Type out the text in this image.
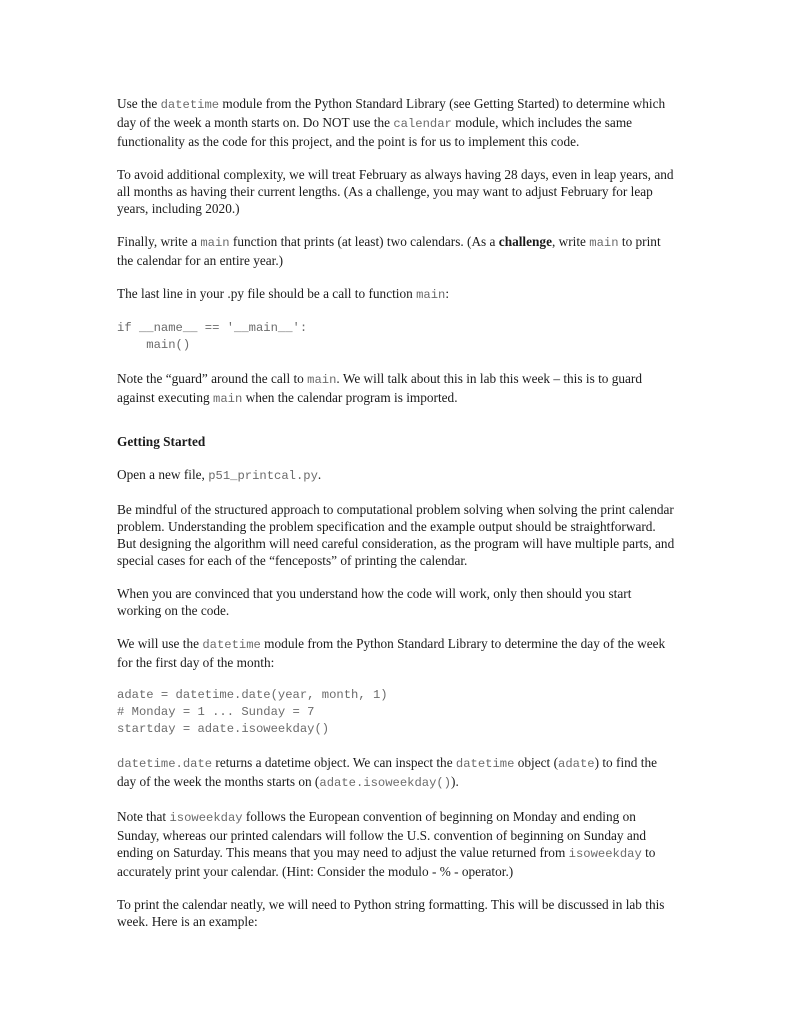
Use the datetime module from the Python Standard Library (see Getting Started) to determine which day of the week a month starts on. Do NOT use the calendar module, which includes the same functionality as the code for this project, and the point is for us to implement this code.

To avoid additional complexity, we will treat February as always having 28 days, even in leap years, and all months as having their current lengths. (As a challenge, you may want to adjust February for leap years, including 2020.)

Finally, write a main function that prints (at least) two calendars. (As a challenge, write main to print the calendar for an entire year.)

The last line in your .py file should be a call to function main:

if __name__ == '__main__':
main()

Note the “guard” around the call to main. We will talk about this in lab this week – this is to guard against executing main when the calendar program is imported.

Getting Started

Open a new file, p51_printcal.py.

Be mindful of the structured approach to computational problem solving when solving the print calendar problem. Understanding the problem specification and the example output should be straightforward. But designing the algorithm will need careful consideration, as the program will have multiple parts, and special cases for each of the “fenceposts” of printing the calendar.

When you are convinced that you understand how the code will work, only then should you start working on the code.

We will use the datetime module from the Python Standard Library to determine the day of the week for the first day of the month:

adate = datetime.date(year, month, 1)
# Monday = 1 ... Sunday = 7
startday = adate.isoweekday()

datetime.date returns a datetime object. We can inspect the datetime object (adate) to find the day of the week the months starts on (adate.isoweekday()).

Note that isoweekday follows the European convention of beginning on Monday and ending on Sunday, whereas our printed calendars will follow the U.S. convention of beginning on Sunday and ending on Saturday. This means that you may need to adjust the value returned from isoweekday to accurately print your calendar. (Hint: Consider the modulo - % - operator.)

To print the calendar neatly, we will need to Python string formatting. This will be discussed in lab this week. Here is an example:
